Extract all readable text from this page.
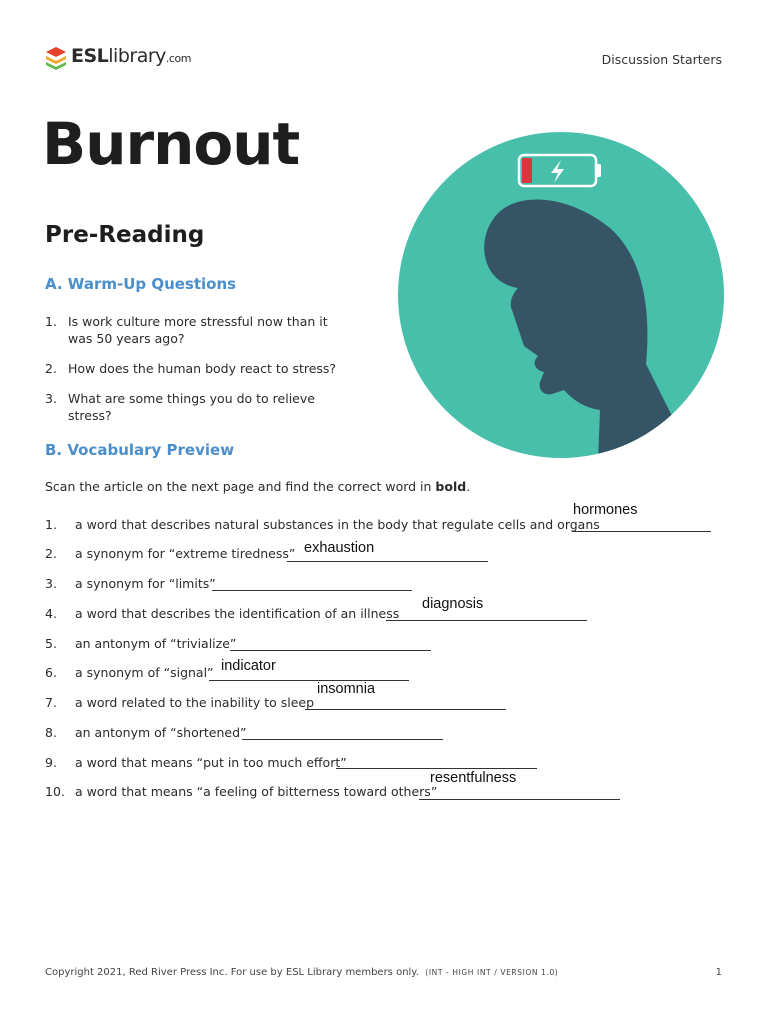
ESLlibrary.com	Discussion Starters
Burnout
Pre-Reading
A. Warm-Up Questions
1. Is work culture more stressful now than it was 50 years ago?
2. How does the human body react to stress?
3. What are some things you do to relieve stress?
B. Vocabulary Preview
Scan the article on the next page and find the correct word in bold.
1. a word that describes natural substances in the body that regulate cells and organs
hormones
2. a synonym for “extreme tiredness” exhaustion
3. a synonym for “limits”
4. a word that describes the identification of an illness
diagnosis
5. an antonym of “trivialize”
6. a synonym of “signal” indicator
7. a word related to the inability to sleep
insomnia
8. an antonym of “shortened”
9. a word that means “put in too much effort”
10. a word that means “a feeling of bitterness toward others”
resentfulness
Copyright 2021, Red River Press Inc. For use by ESL Library members only. (INT - HIGH INT / VERSION 1.0)	1
